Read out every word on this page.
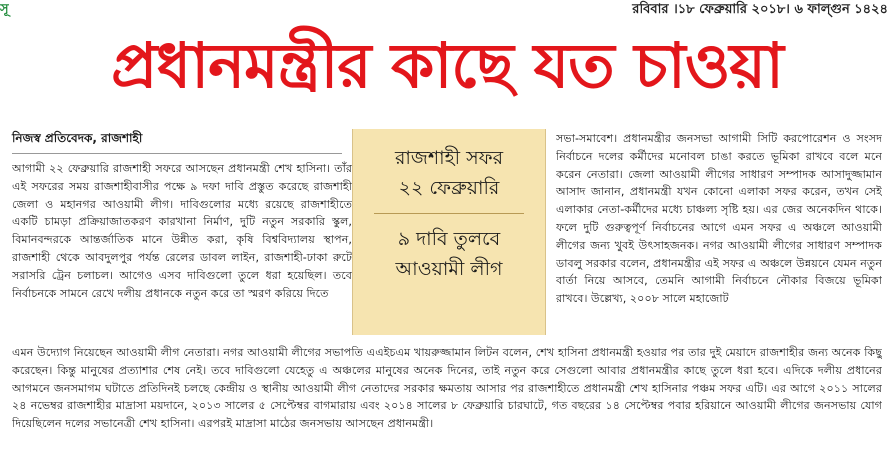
সূ	রবিবার ।১৮ ফেব্রুয়ারি ২০১৮। ৬ ফাল্গুন ১৪২৪
প্রধানমন্ত্রীর কাছে যত চাওয়া
নিজস্ব প্রতিবেদক, রাজশাহী

আগামী ২২ ফেব্রুয়ারি রাজশাহী সফরে আসছেন প্রধানমন্ত্রী শেখ হাসিনা। তাঁর এই সফরের সময় রাজশাহীবাসীর পক্ষে ৯ দফা দাবি প্রস্তুত করেছে রাজশাহী জেলা ও মহানগর আওয়ামী লীগ। দাবিগুলোর মধ্যে রয়েছে রাজশাহীতে একটি চামড়া প্রক্রিয়াজাতকরণ কারখানা নির্মাণ, দুটি নতুন সরকারি স্কুল, বিমানবন্দরকে আন্তর্জাতিক মানে উন্নীত করা, কৃষি বিশ্ববিদ্যালয় স্থাপন, রাজশাহী থেকে আবদুলপুর পর্যন্ত রেলের ডাবল লাইন, রাজশাহী-ঢাকা রুটে সরাসরি ট্রেন চলাচল। আগেও এসব দাবিগুলো তুলে ধরা হয়েছিল। তবে নির্বাচনকে সামনে রেখে দলীয় প্রধানকে নতুন করে তা স্মরণ করিয়ে দিতে

রাজশাহী সফর
২২ ফেব্রুয়ারি
৯ দাবি তুলবে
আওয়ামী লীগ

সভা-সমাবেশ। প্রধানমন্ত্রীর জনসভা আগামী সিটি করপোরেশন ও সংসদ নির্বাচনে দলের কর্মীদের মনোবল চাঙা করতে ভূমিকা রাখবে বলে মনে করেন নেতারা। জেলা আওয়ামী লীগের সাধারণ সম্পাদক আসাদুজ্জামান আসাদ জানান, প্রধানমন্ত্রী যখন কোনো এলাকা সফর করেন, তখন সেই এলাকার নেতা-কর্মীদের মধ্যে চাঞ্চল্য সৃষ্টি হয়। এর জের অনেকদিন থাকে। ফলে দুটি গুরুত্বপূর্ণ নির্বাচনের আগে এমন সফর এ অঞ্চলে আওয়ামী লীগের জন্য খুবই উৎসাহজনক। নগর আওয়ামী লীগের সাধারণ সম্পাদক ডাবলু সরকার বলেন, প্রধানমন্ত্রীর এই সফর এ অঞ্চলে উন্নয়নে যেমন নতুন বার্তা নিয়ে আসবে, তেমনি আগামী নির্বাচনে নৌকার বিজয়ে ভূমিকা রাখবে। উল্লেখ্য, ২০০৮ সালে মহাজোট

এমন উদ্যোগ নিয়েছেন আওয়ামী লীগ নেতারা। নগর আওয়ামী লীগের সভাপতি এএইচএম খায়রুজ্জামান লিটন বলেন, শেখ হাসিনা প্রধানমন্ত্রী হওয়ার পর তার দুই মেয়াদে রাজশাহীর জন্য অনেক কিছু করেছেন। কিন্তু মানুষের প্রত্যাশার শেষ নেই। তবে দাবিগুলো যেহেতু এ অঞ্চলের মানুষের অনেক দিনের, তাই নতুন করে সেগুলো আবার প্রধানমন্ত্রীর কাছে তুলে ধরা হবে। এদিকে দলীয় প্রধানের আগমনে জনসমাগম ঘটাতে প্রতিদিনই চলছে কেন্দ্রীয় ও স্থানীয় আওয়ামী লীগ নেতাদের সরকার ক্ষমতায় আসার পর রাজশাহীতে প্রধানমন্ত্রী শেখ হাসিনার পঞ্চম সফর এটি। এর আগে ২০১১ সালের ২৪ নভেম্বর রাজশাহীর মাদ্রাসা ময়দানে, ২০১৩ সালের ৫ সেপ্টেম্বর বাগমারায় এবং ২০১৪ সালের ৮ ফেব্রুয়ারি চারঘাটে, গত বছরের ১৪ সেপ্টেম্বর পবার হরিয়ানে আওয়ামী লীগের জনসভায় যোগ দিয়েছিলেন দলের সভানেত্রী শেখ হাসিনা। এরপরই মাদ্রাসা মাঠের জনসভায় আসছেন প্রধানমন্ত্রী।
